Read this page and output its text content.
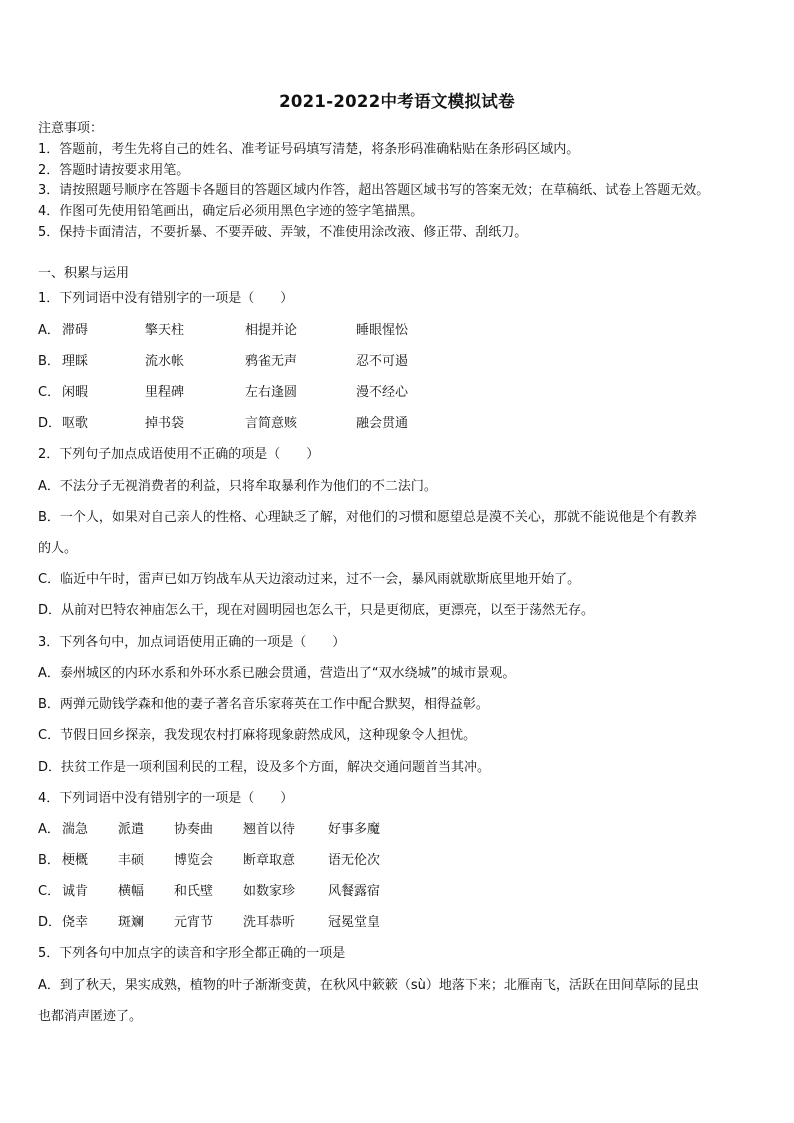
2021-2022中考语文模拟试卷
注意事项：
1．答题前，考生先将自己的姓名、准考证号码填写清楚，将条形码准确粘贴在条形码区域内。
2．答题时请按要求用笔。
3．请按照题号顺序在答题卡各题目的答题区域内作答，超出答题区域书写的答案无效；在草稿纸、试卷上答题无效。
4．作图可先使用铅笔画出，确定后必须用黑色字迹的签字笔描黑。
5．保持卡面清洁，不要折暴、不要弄破、弄皱，不准使用涂改液、修正带、刮纸刀。
一、积累与运用
1．下列词语中没有错别字的一项是（　　）
A． 滞碍	擎天柱	相提并论	睡眼惺忪
B． 理睬	流水帐	鸦雀无声	忍不可遏
C． 闲暇	里程碑	左右逢圆	漫不经心
D． 呕歌	掉书袋	言简意赅	融会贯通
2．下列句子加点成语使用不正确的项是（　　）
A．不法分子无视消费者的利益，只将牟取暴利作为他们的不二法门。
B．一个人，如果对自己亲人的性格、心理缺乏了解，对他们的习惯和愿望总是漠不关心，那就不能说他是个有教养
的人。
C．临近中午时，雷声已如万钧战车从天边滚动过来，过不一会，暴风雨就歇斯底里地开始了。
D．从前对巴特农神庙怎么干，现在对圆明园也怎么干，只是更彻底，更漂亮，以至于荡然无存。
3．下列各句中，加点词语使用正确的一项是（　　）
A．泰州城区的内环水系和外环水系已融会贯通，营造出了“双水绕城”的城市景观。
B．两弹元勋钱学森和他的妻子著名音乐家蒋英在工作中配合默契，相得益彰。
C．节假日回乡探亲，我发现农村打麻将现象蔚然成风，这种现象令人担忧。
D．扶贫工作是一项利国利民的工程，设及多个方面，解决交通问题首当其冲。
4．下列词语中没有错别字的一项是（　　）
A． 湍急 派遣 协奏曲 翘首以待	好事多魔
B． 梗概 丰硕 博览会 断章取意	语无伦次
C． 诚肯 横幅 和氏壁 如数家珍	风餐露宿
D． 侥幸 斑斓 元宵节 洗耳恭听	冠冕堂皇
5．下列各句中加点字的读音和字形全都正确的一项是
A．到了秋天，果实成熟，植物的叶子渐渐变黄，在秋风中簌簌（sù）地落下来；北雁南飞，活跃在田间草际的昆虫
也都消声匿迹了。
